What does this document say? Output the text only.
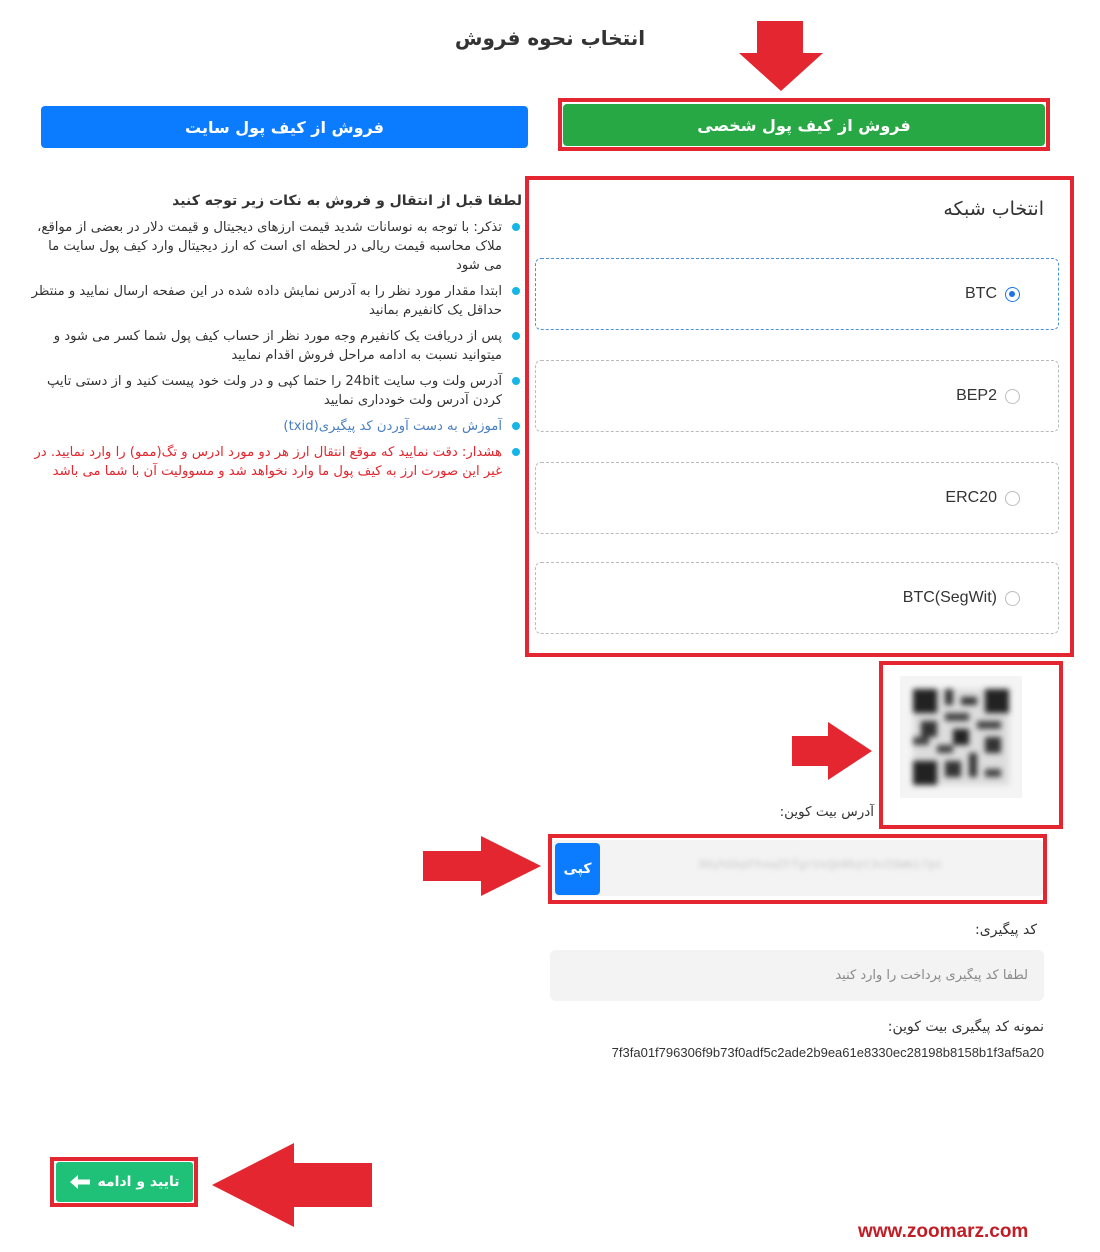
انتخاب نحوه فروش
فروش از کیف پول شخصی
فروش از کیف پول سایت
لطفا قبل از انتقال و فروش به نکات زیر توجه کنید
تذکر: با توجه به نوسانات شدید قیمت ارزهای دیجیتال و قیمت دلار در بعضی از مواقع، ملاک محاسبه قیمت ریالی در لحظه ای است که ارز دیجیتال وارد کیف پول سایت ما می شود
ابتدا مقدار مورد نظر را به آدرس نمایش داده شده در این صفحه ارسال نمایید و منتظر حداقل یک کانفیرم بمانید
پس از دریافت یک کانفیرم وجه مورد نظر از حساب کیف پول شما کسر می شود و میتوانید نسبت به ادامه مراحل فروش اقدام نمایید
آدرس ولت وب سایت 24bit را حتما کپی و در ولت خود پیست کنید و از دستی تایپ کردن آدرس ولت خودداری نمایید
آموزش به دست آوردن کد پیگیری(txid)
هشدار: دقت نمایید که موقع انتقال ارز هر دو مورد ادرس و تگ(ممو) را وارد نمایید. در غیر این صورت ارز به کیف پول ما وارد نخواهد شد و مسوولیت آن با شما می باشد
انتخاب شبکه
BTC
BEP2
ERC20
BTC(SegWit)
آدرس بیت کوین:
3HyhGkpFhxwZFfgrUxQeBkpt3vZGWmi7pc
کپی
کد پیگیری:
لطفا کد پیگیری پرداخت را وارد کنید
نمونه کد پیگیری بیت کوین:
7f3fa01f796306f9b73f0adf5c2ade2b9ea61e8330ec28198b8158b1f3af5a20
تایید و ادامه
www.zoomarz.com
